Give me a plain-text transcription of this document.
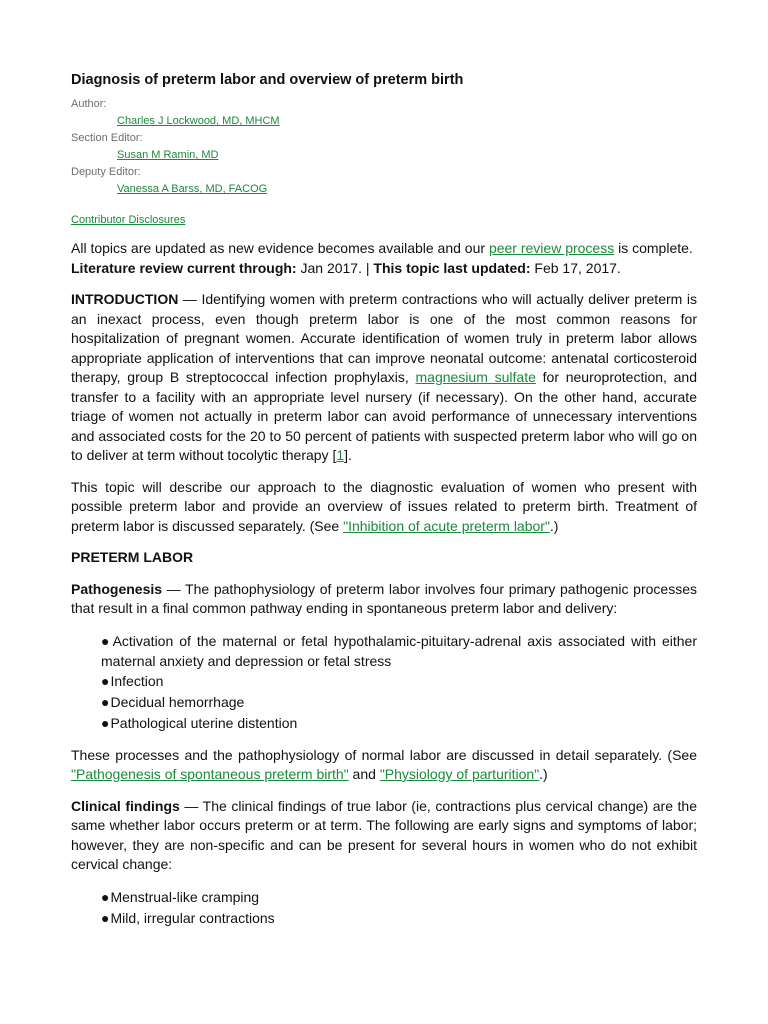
Diagnosis of preterm labor and overview of preterm birth
Author:
Charles J Lockwood, MD, MHCM
Section Editor:
Susan M Ramin, MD
Deputy Editor:
Vanessa A Barss, MD, FACOG
Contributor Disclosures
All topics are updated as new evidence becomes available and our peer review process is complete.
Literature review current through: Jan 2017. | This topic last updated: Feb 17, 2017.

INTRODUCTION — Identifying women with preterm contractions who will actually deliver preterm is an inexact process, even though preterm labor is one of the most common reasons for hospitalization of pregnant women. Accurate identification of women truly in preterm labor allows appropriate application of interventions that can improve neonatal outcome: antenatal corticosteroid therapy, group B streptococcal infection prophylaxis, magnesium sulfate for neuroprotection, and transfer to a facility with an appropriate level nursery (if necessary). On the other hand, accurate triage of women not actually in preterm labor can avoid performance of unnecessary interventions and associated costs for the 20 to 50 percent of patients with suspected preterm labor who will go on to deliver at term without tocolytic therapy [1].

This topic will describe our approach to the diagnostic evaluation of women who present with possible preterm labor and provide an overview of issues related to preterm birth. Treatment of preterm labor is discussed separately. (See "Inhibition of acute preterm labor".)

PRETERM LABOR

Pathogenesis — The pathophysiology of preterm labor involves four primary pathogenic processes that result in a final common pathway ending in spontaneous preterm labor and delivery:

●Activation of the maternal or fetal hypothalamic-pituitary-adrenal axis associated with either maternal anxiety and depression or fetal stress
●Infection
●Decidual hemorrhage
●Pathological uterine distention

These processes and the pathophysiology of normal labor are discussed in detail separately. (See "Pathogenesis of spontaneous preterm birth" and "Physiology of parturition".)

Clinical findings — The clinical findings of true labor (ie, contractions plus cervical change) are the same whether labor occurs preterm or at term. The following are early signs and symptoms of labor; however, they are non-specific and can be present for several hours in women who do not exhibit cervical change:

●Menstrual-like cramping
●Mild, irregular contractions
